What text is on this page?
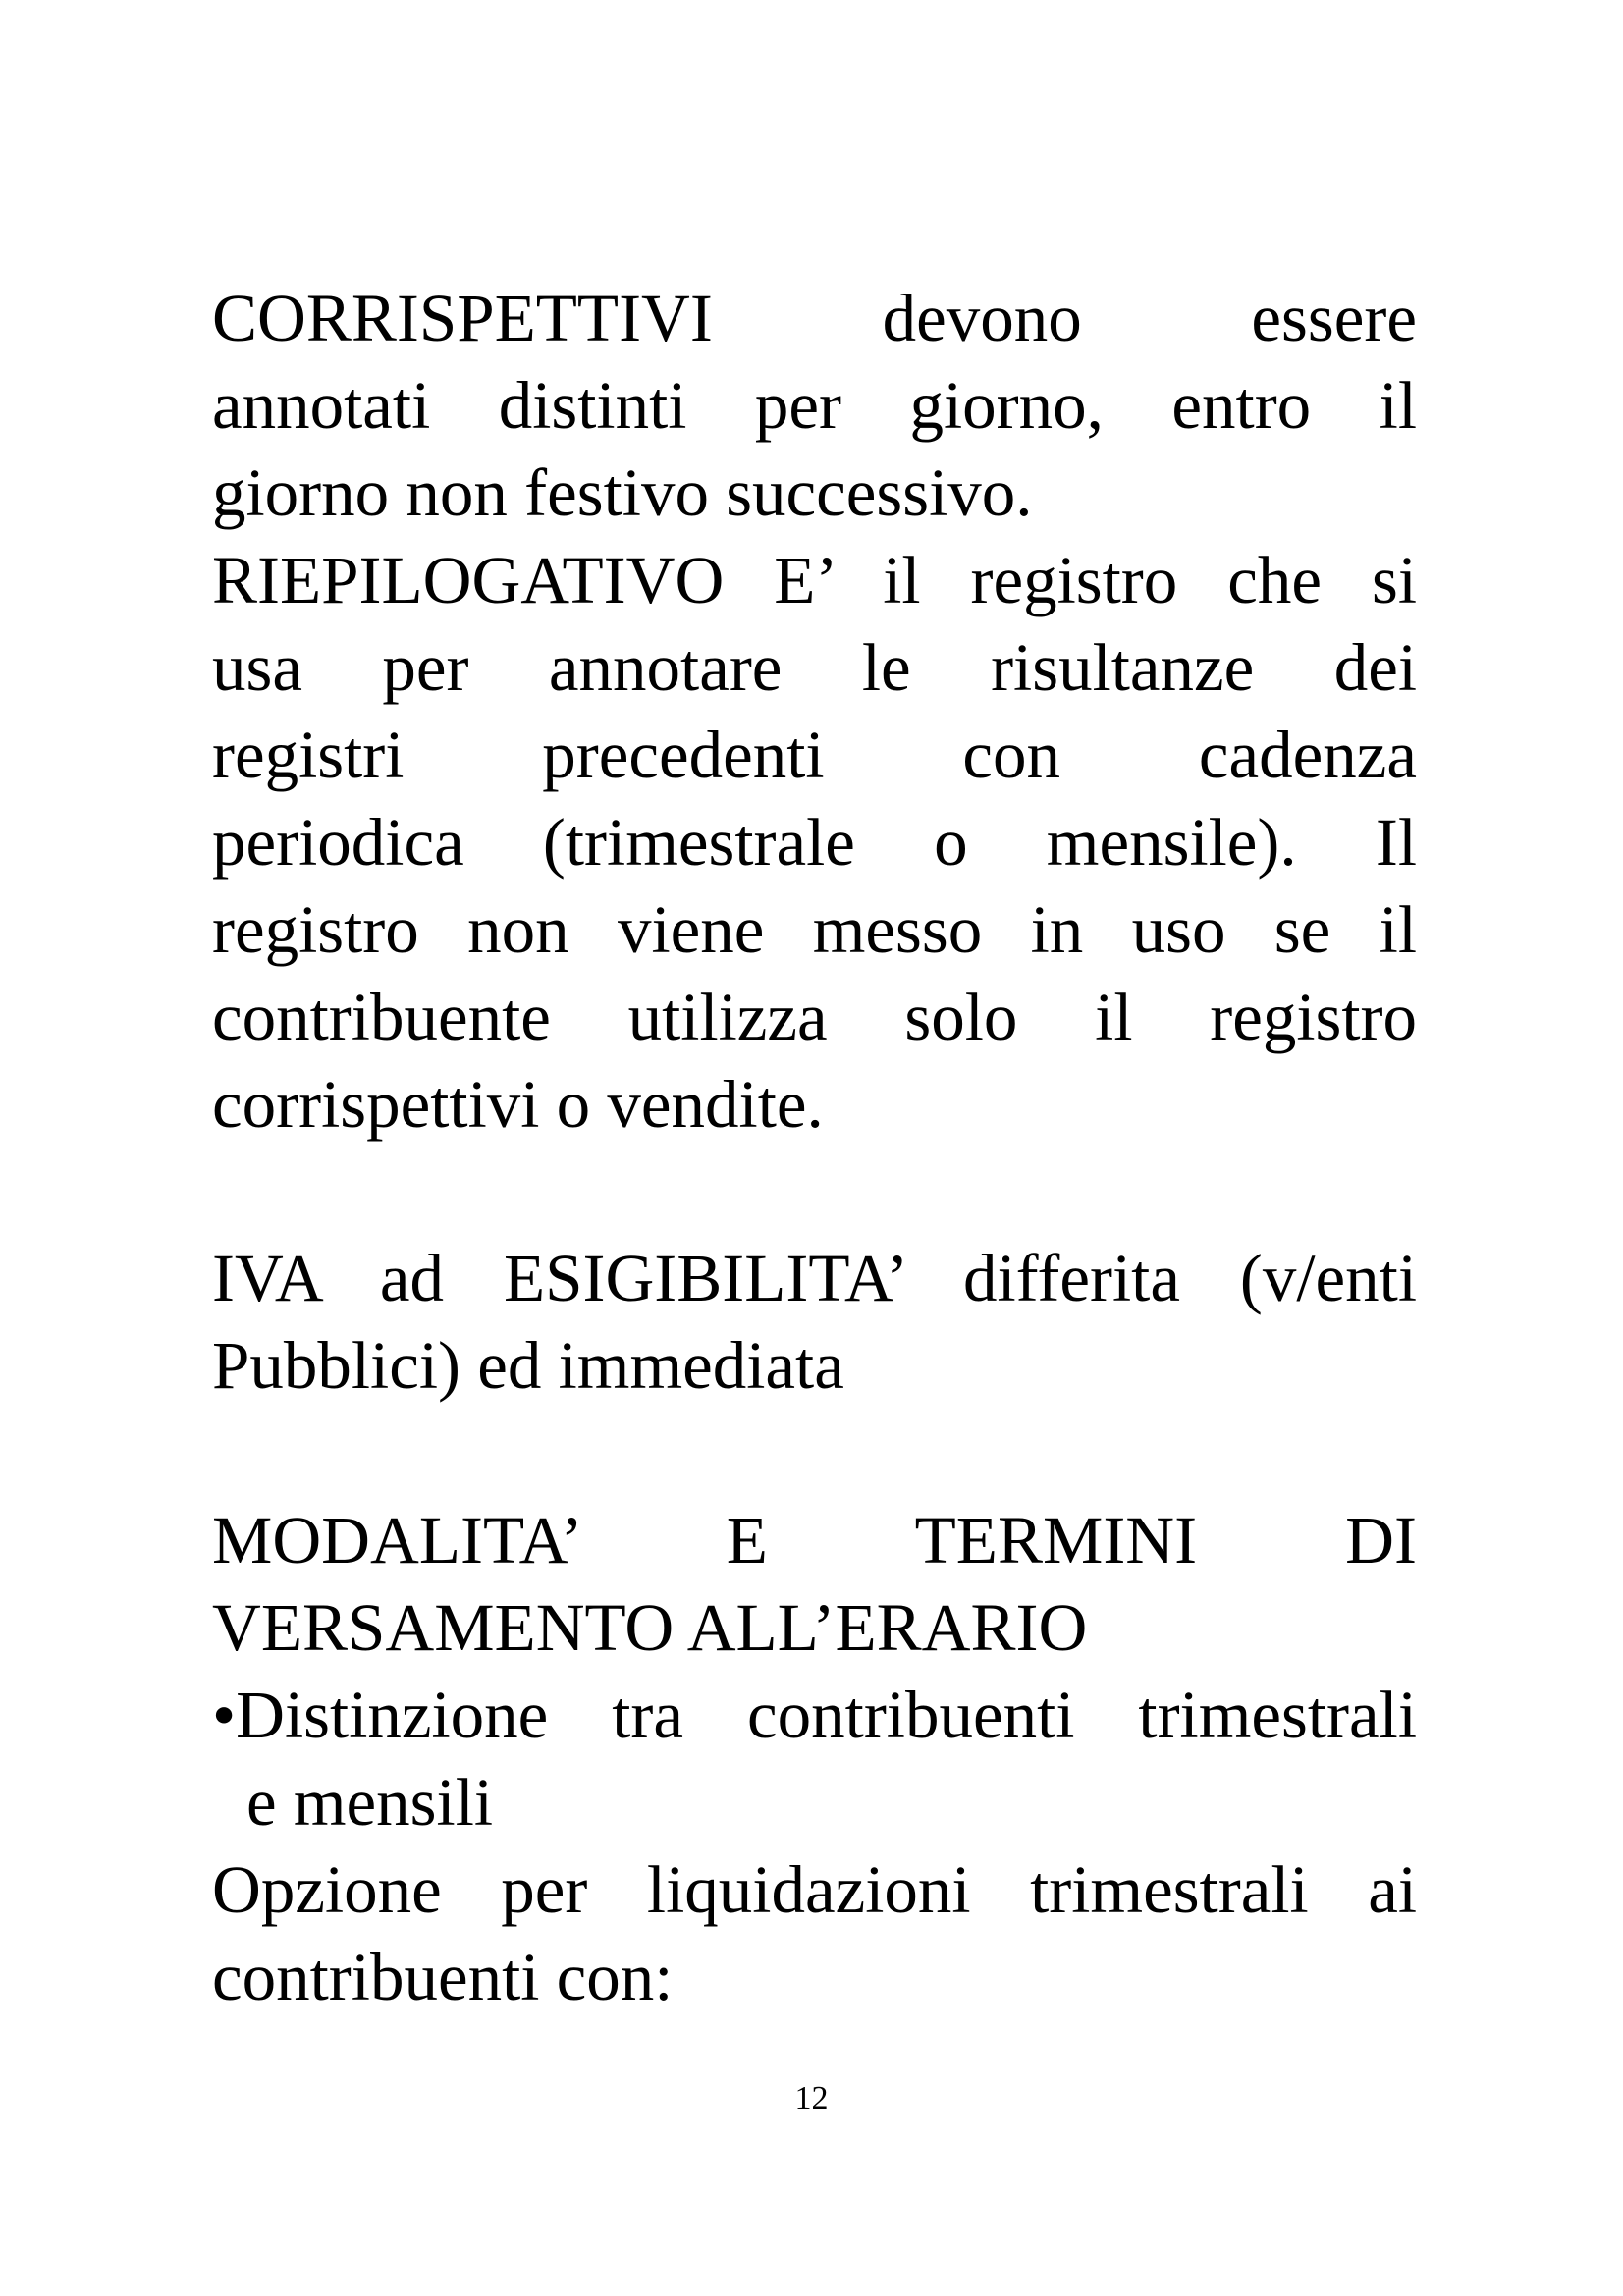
CORRISPETTIVI devono essere
annotati distinti per giorno, entro il
giorno non festivo successivo.
RIEPILOGATIVO E’ il registro che si
usa per annotare le risultanze dei
registri precedenti con cadenza
periodica (trimestrale o mensile). Il
registro non viene messo in uso se il
contribuente utilizza solo il registro
corrispettivi o vendite.
IVA ad ESIGIBILITA’ differita (v/enti
Pubblici) ed immediata
MODALITA’ E TERMINI DI
VERSAMENTO ALL’ERARIO
•Distinzione tra contribuenti trimestrali
e mensili
Opzione per liquidazioni trimestrali ai
contribuenti con:
12
